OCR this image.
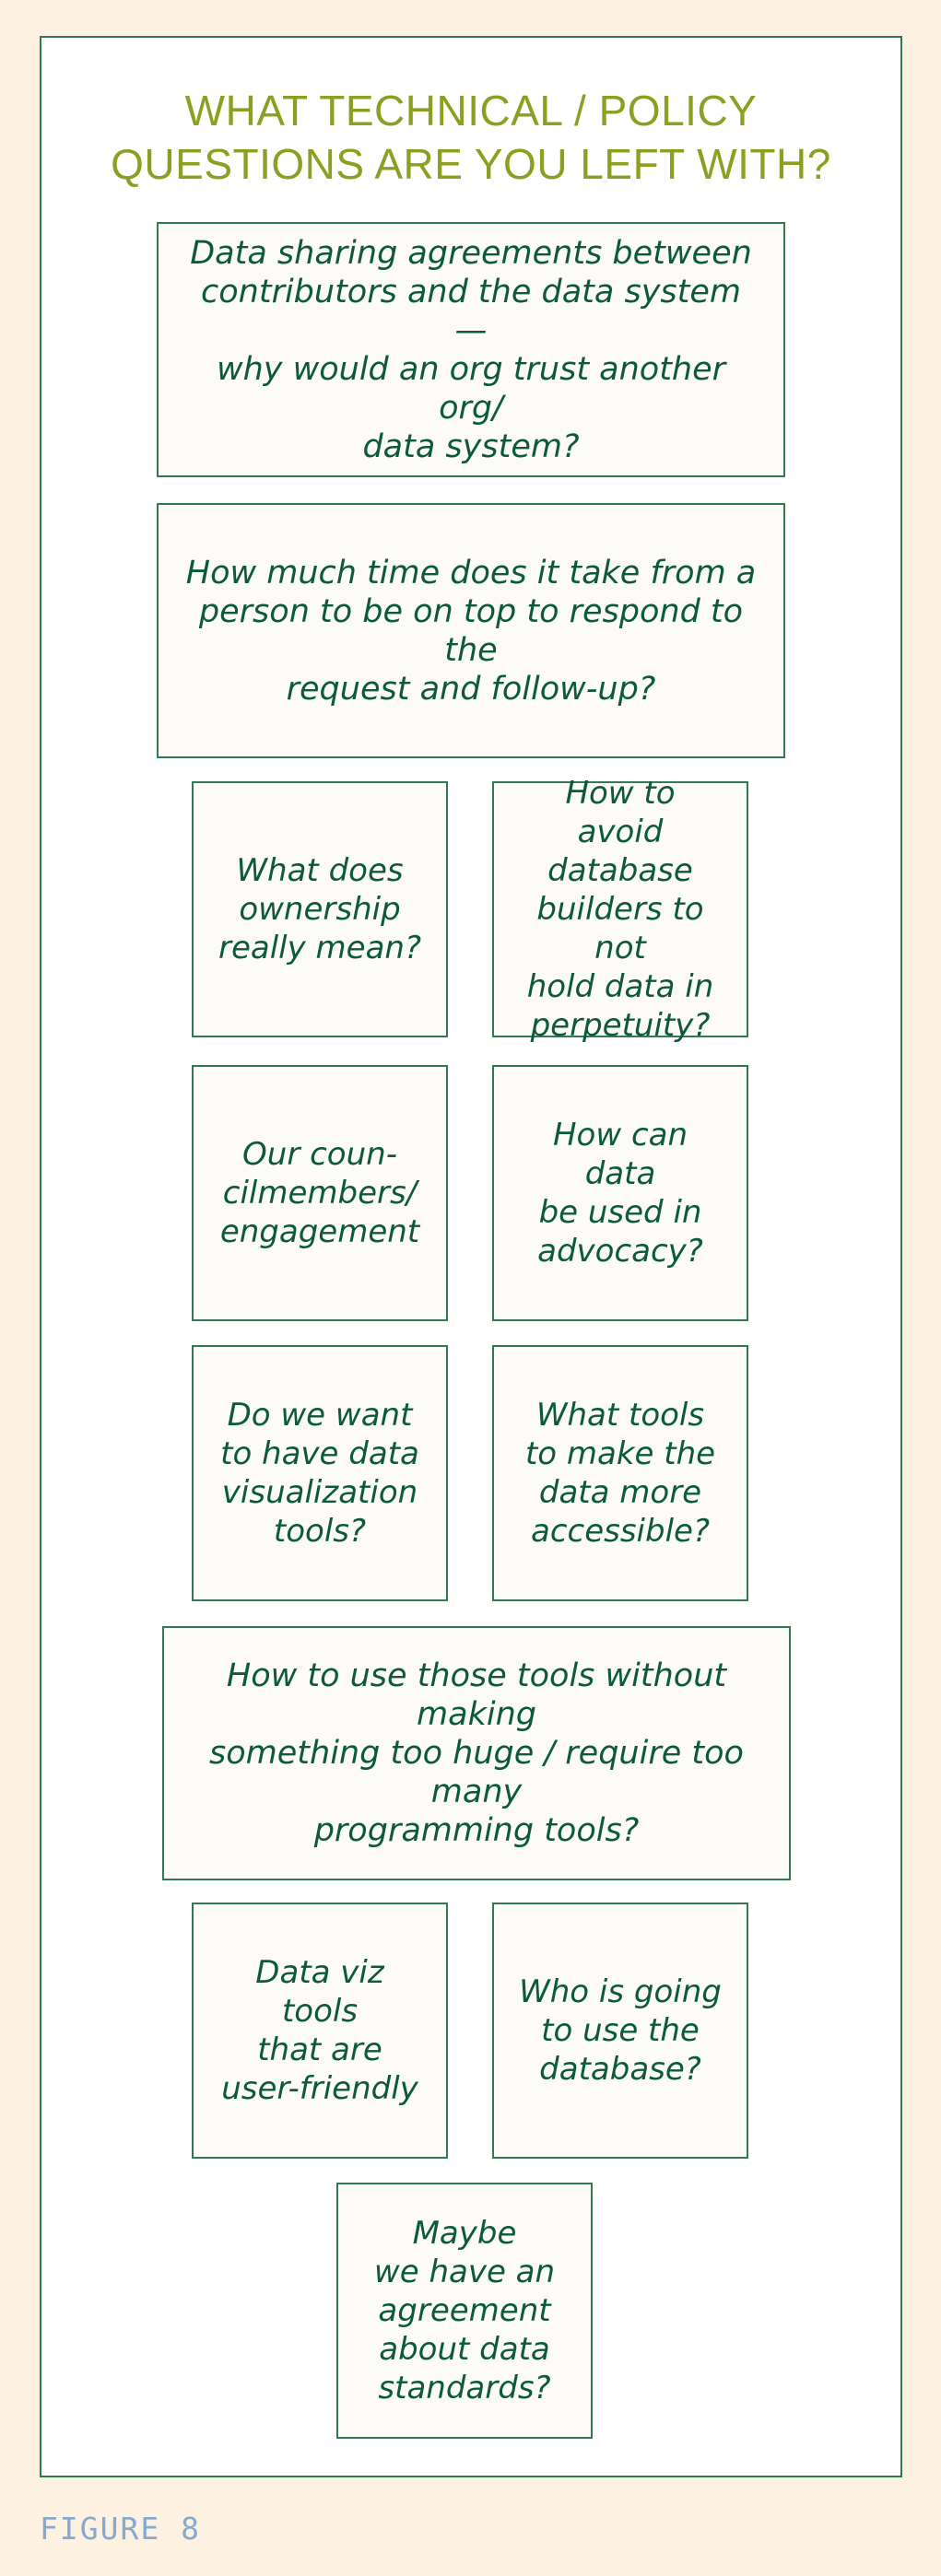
WHAT TECHNICAL / POLICY
QUESTIONS ARE YOU LEFT WITH?
Data sharing agreements between
contributors and the data system —
why would an org trust another org/
data system?
How much time does it take from a
person to be on top to respond to the
request and follow-up?
What does
ownership
really mean?
How to avoid
database
builders to not
hold data in
perpetuity?
Our coun-
cilmembers/
engagement
How can data
be used in
advocacy?
Do we want
to have data
visualization
tools?
What tools
to make the
data more
accessible?
How to use those tools without making
something too huge / require too many
programming tools?
Data viz tools
that are
user-friendly
Who is going
to use the
database?
Maybe
we have an
agreement
about data
standards?
FIGURE 8
